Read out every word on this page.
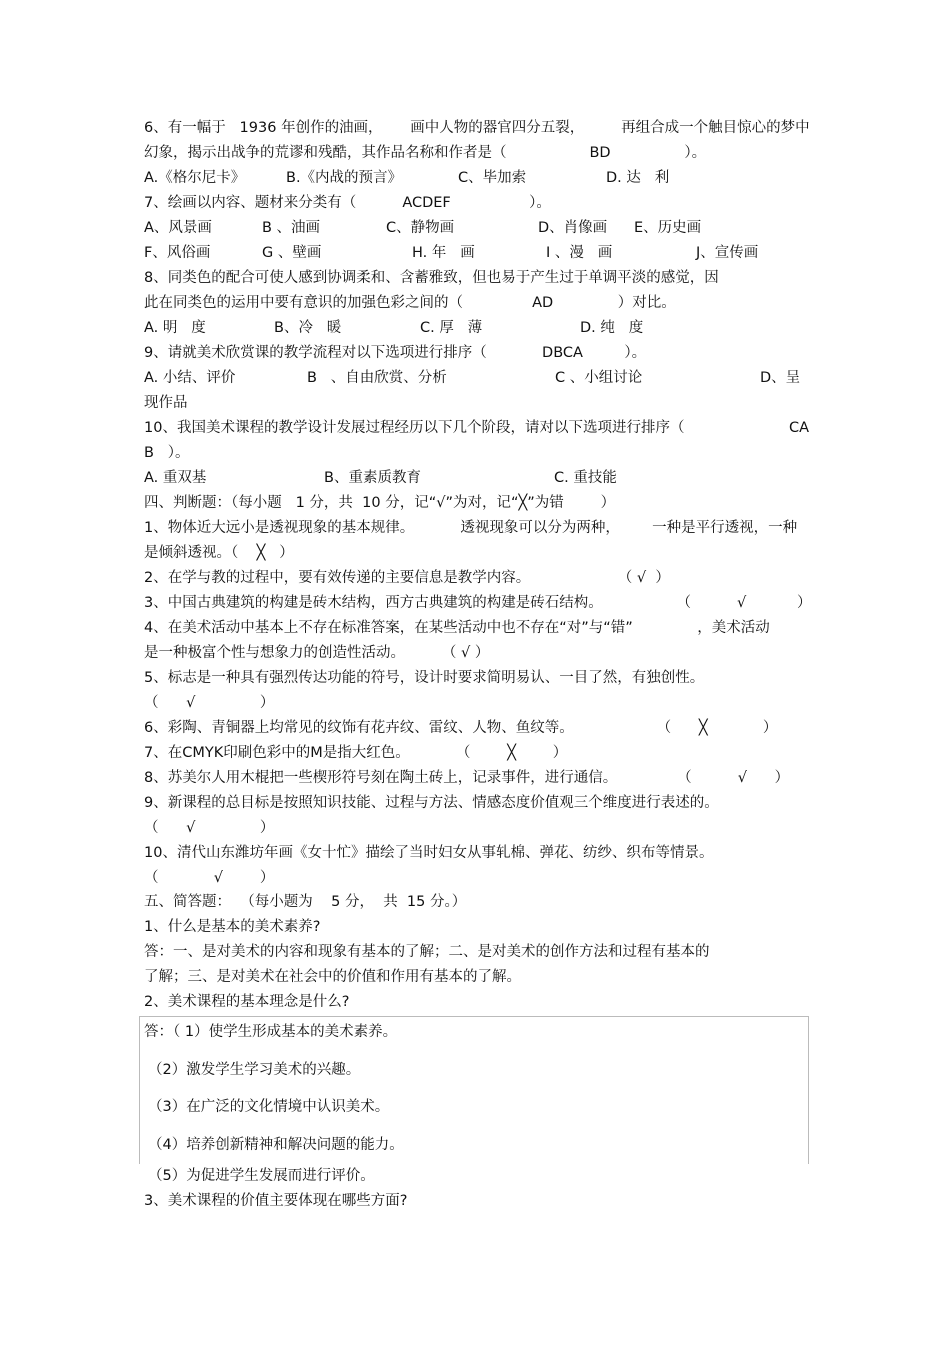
6、有一幅于   1936 年创作的油画，      画中人物的器官四分五裂，        再组合成一个触目惊心的梦中
幻象，揭示出战争的荒谬和残酷，其作品名称和作者是（                  BD                ）。
A.《格尔尼卡》	B.《内战的预言》	C、毕加索	D. 达   利
7、绘画以内容、题材来分类有（          ACDEF                 ）。
A、风景画	B 、油画	C、静物画	D、肖像画 E、历史画
F、风俗画	G 、壁画	H. 年   画	I 、漫   画	J、宣传画
8、同类色的配合可使人感到协调柔和、含蓄雅致，但也易于产生过于单调平淡的感觉，因
此在同类色的运用中要有意识的加强色彩之间的（               AD              ）对比。
A. 明   度	B、冷   暖	C. 厚   薄	D. 纯   度
9、请就美术欣赏课的教学流程对以下选项进行排序（            DBCA         ）。
A. 小结、评价	B   、自由欣赏、分析	C 、小组讨论	D、呈
现作品
10、我国美术课程的教学设计发展过程经历以下几个阶段，请对以下选项进行排序（	CA
B   ）。
A. 重双基	B、重素质教育	C. 重技能
四、判断题：（每小题   1 分，共  10 分，记“√”为对，记“╳”为错        ）
1、物体近大远小是透视现象的基本规律。          透视现象可以分为两种，       一种是平行透视，一种
是倾斜透视。（    ╳   ）
2、在学与教的过程中，要有效传递的主要信息是教学内容。                   （ √  ）
3、中国古典建筑的构建是砖木结构，西方古典建筑的构建是砖石结构。                （          √           ）
4、在美术活动中基本上不存在标准答案，在某些活动中也不存在“对”与“错”              ，美术活动
是一种极富个性与想象力的创造性活动。        （ √ ）
5、标志是一种具有强烈传达功能的符号，设计时要求简明易认、一目了然，有独创性。
（      √              ）
6、彩陶、青铜器上均常见的纹饰有花卉纹、雷纹、人物、鱼纹等。                  （      ╳            ）
7、在CMYK印刷色彩中的M是指大红色。          （        ╳        ）
8、苏美尔人用木棍把一些楔形符号刻在陶土砖上，记录事件，进行通信。             （          √      ）
9、新课程的总目标是按照知识技能、过程与方法、情感态度价值观三个维度进行表述的。
（      √              ）
10、清代山东潍坊年画《女十忙》描绘了当时妇女从事轧棉、弹花、纺纱、织布等情景。
（            √        ）
五、简答题：  （每小题为    5 分，  共  15 分。）
1、什么是基本的美术素养?
答：一、是对美术的内容和现象有基本的了解；二、是对美术的创作方法和过程有基本的
了解；三、是对美术在社会中的价值和作用有基本的了解。
2、美术课程的基本理念是什么?
答：（ 1）使学生形成基本的美术素养。
（2）激发学生学习美术的兴趣。
（3）在广泛的文化情境中认识美术。
（4）培养创新精神和解决问题的能力。
（5）为促进学生发展而进行评价。
3、美术课程的价值主要体现在哪些方面?
